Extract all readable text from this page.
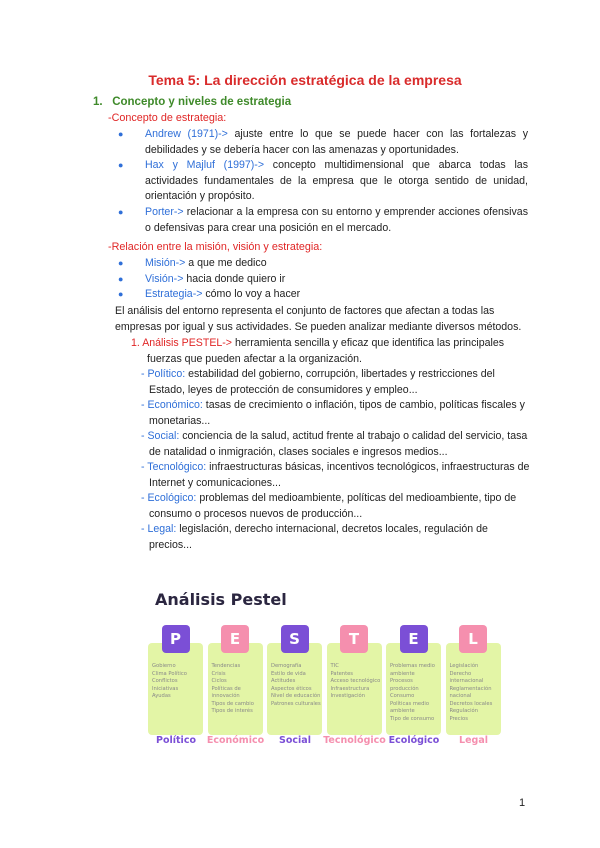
Tema 5: La dirección estratégica de la empresa
1. Concepto y niveles de estrategia
-Concepto de estrategia:
● Andrew (1971)-> ajuste entre lo que se puede hacer con las fortalezas y debilidades y se debería hacer con las amenazas y oportunidades.
● Hax y Majluf (1997)-> concepto multidimensional que abarca todas las actividades fundamentales de la empresa que le otorga sentido de unidad, orientación y propósito.
● Porter-> relacionar a la empresa con su entorno y emprender acciones ofensivas o defensivas para crear una posición en el mercado.
-Relación entre la misión, visión y estrategia:
● Misión-> a que me dedico
● Visión-> hacia donde quiero ir
● Estrategia-> cómo lo voy a hacer
El análisis del entorno representa el conjunto de factores que afectan a todas las empresas por igual y sus actividades. Se pueden analizar mediante diversos métodos.
1. Análisis PESTEL-> herramienta sencilla y eficaz que identifica las principales fuerzas que pueden afectar a la organización.
- Político: estabilidad del gobierno, corrupción, libertades y restricciones del Estado, leyes de protección de consumidores y empleo...
- Económico: tasas de crecimiento o inflación, tipos de cambio, políticas fiscales y monetarias...
- Social: conciencia de la salud, actitud frente al trabajo o calidad del servicio, tasa de natalidad o inmigración, clases sociales e ingresos medios...
- Tecnológico: infraestructuras básicas, incentivos tecnológicos, infraestructuras de Internet y comunicaciones...
- Ecológico: problemas del medioambiente, políticas del medioambiente, tipo de consumo o procesos nuevos de producción...
- Legal: legislación, derecho internacional, decretos locales, regulación de precios...
Análisis Pestel
P
Gobierno
Clima Político
Conflictos
Iniciativas
Ayudas
Político
E
Tendencias
Crisis
Ciclos
Políticas de innovación
Tipos de cambio
Tipos de interés
Económico
S
Demografía
Estilo de vida
Actitudes
Aspectos éticos
Nivel de educación
Patrones culturales
Social
T
TIC
Patentes
Acceso tecnológico
Infraestructura
Investigación
Tecnológico
E
Problemas medio ambiente
Procesos producción
Consumo
Políticas medio ambiente
Tipo de consumo
Ecológico
L
Legislación
Derecho internacional
Reglamentación nacional
Decretos locales
Regulación
Precios
Legal
1
